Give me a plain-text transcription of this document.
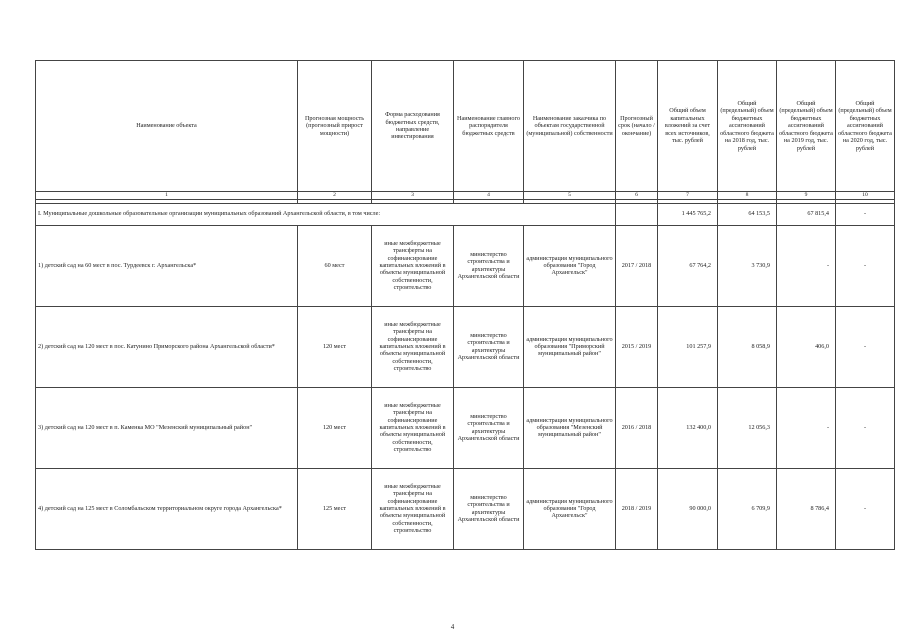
Наименование объекта	Прогнозная мощность (прогнозный прирост мощности)	Форма расходования бюджетных средств, направление инвестирования	Наименование главного распорядителя бюджетных средств	Наименование заказчика по объектам государственной (муниципальной) собственности	Прогнозный срок (начало / окончание)	Общий объем капитальных вложений за счет всех источников, тыс. рублей	Общий (предельный) объем бюджетных ассигнований областного бюджета на 2018 год, тыс. рублей	Общий (предельный) объем бюджетных ассигнований областного бюджета на 2019 год, тыс. рублей	Общий (предельный) объем бюджетных ассигнований областного бюджета на 2020 год, тыс. рублей
1	2	3	4	5	6	7	8	9	10

I. Муниципальные дошкольные образовательные организации муниципальных образований Архангельской области, в том числе:						1 445 765,2	64 153,5	67 815,4	-
1) детский сад на 60 мест в пос. Турдеевск г. Архангельска*	60 мест	иные межбюджетные трансферты на софинансирование капитальных вложений в объекты муниципальной собственности, строительство	министерство строительства и архитектуры Архангельской области	администрация муниципального образования "Город Архангельск"	2017 / 2018	67 764,2	3 730,9	-	-
2) детский сад на 120 мест в пос. Катунино Приморского района Архангельской области*	120 мест	иные межбюджетные трансферты на софинансирование капитальных вложений в объекты муниципальной собственности, строительство	министерство строительства и архитектуры Архангельской области	администрация муниципального образования "Приморский муниципальный район"	2015 / 2019	101 257,9	8 058,9	406,0	-
3) детский сад на 120 мест в п. Каменка МО "Мезенский муниципальный район"	120 мест	иные межбюджетные трансферты на софинансирование капитальных вложений в объекты муниципальной собственности, строительство	министерство строительства и архитектуры Архангельской области	администрация муниципального образования "Мезенский муниципальный район"	2016 / 2018	132 400,0	12 056,3	-	-
4) детский сад на 125 мест в Соломбальском территориальном округе города Архангельска*	125 мест	иные межбюджетные трансферты на софинансирование капитальных вложений в объекты муниципальной собственности, строительство	министерство строительства и архитектуры Архангельской области	администрация муниципального образования "Город Архангельск"	2018 / 2019	90 000,0	6 709,9	8 786,4	-
4
